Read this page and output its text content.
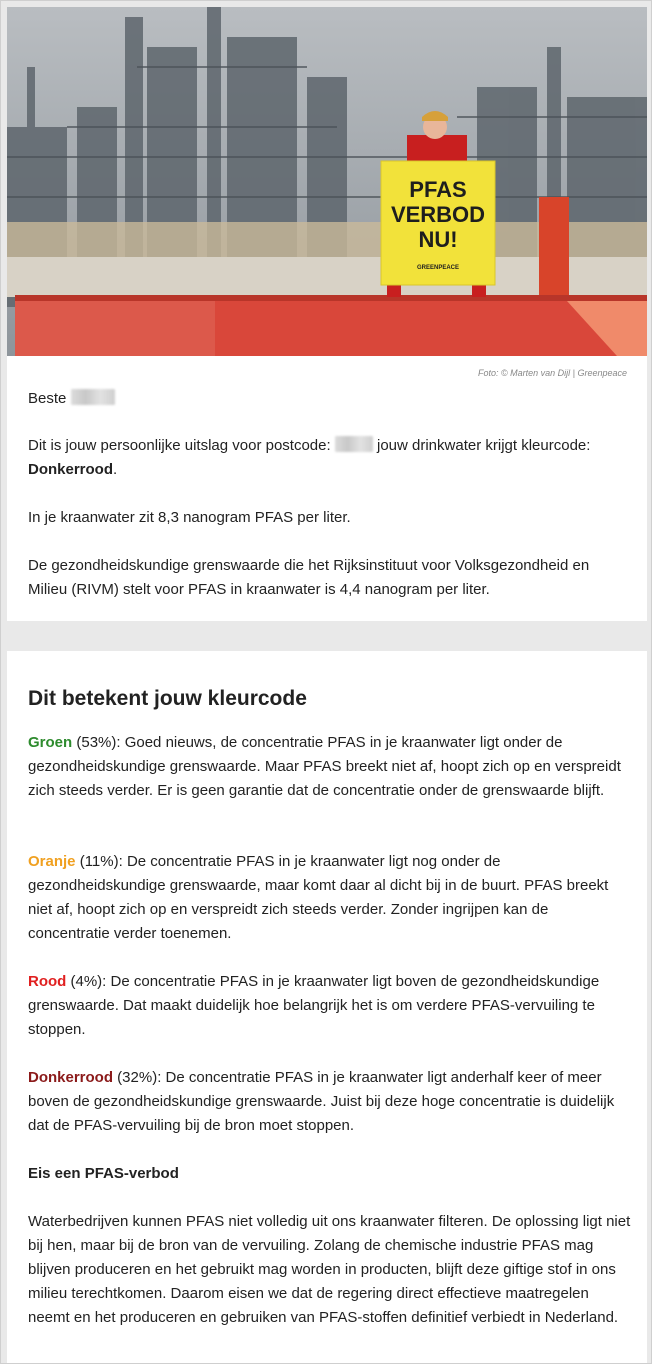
PFAS
VERBOD
NU!
GREENPEACE
Foto: © Marten van Dijl | Greenpeace

Beste

Dit is jouw persoonlijke uitslag voor postcode:	jouw drinkwater krijgt kleurcode: Donkerrood.

In je kraanwater zit 8,3 nanogram PFAS per liter.

De gezondheidskundige grenswaarde die het Rijksinstituut voor Volksgezondheid en Milieu (RIVM) stelt voor PFAS in kraanwater is 4,4 nanogram per liter.

Dit betekent jouw kleurcode

Groen (53%): Goed nieuws, de concentratie PFAS in je kraanwater ligt onder de gezondheidskundige grenswaarde. Maar PFAS breekt niet af, hoopt zich op en verspreidt zich steeds verder. Er is geen garantie dat de concentratie onder de grenswaarde blijft.

Oranje (11%): De concentratie PFAS in je kraanwater ligt nog onder de gezondheidskundige grenswaarde, maar komt daar al dicht bij in de buurt. PFAS breekt niet af, hoopt zich op en verspreidt zich steeds verder. Zonder ingrijpen kan de concentratie verder toenemen.

Rood (4%): De concentratie PFAS in je kraanwater ligt boven de gezondheidskundige grenswaarde. Dat maakt duidelijk hoe belangrijk het is om verdere PFAS-vervuiling te stoppen.

Donkerrood (32%): De concentratie PFAS in je kraanwater ligt anderhalf keer of meer boven de gezondheidskundige grenswaarde. Juist bij deze hoge concentratie is duidelijk dat de PFAS-vervuiling bij de bron moet stoppen.

Eis een PFAS-verbod

Waterbedrijven kunnen PFAS niet volledig uit ons kraanwater filteren. De oplossing ligt niet bij hen, maar bij de bron van de vervuiling. Zolang de chemische industrie PFAS mag blijven produceren en het gebruikt mag worden in producten, blijft deze giftige stof in ons milieu terechtkomen. Daarom eisen we dat de regering direct effectieve maatregelen neemt en het produceren en gebruiken van PFAS-stoffen definitief verbiedt in Nederland.
